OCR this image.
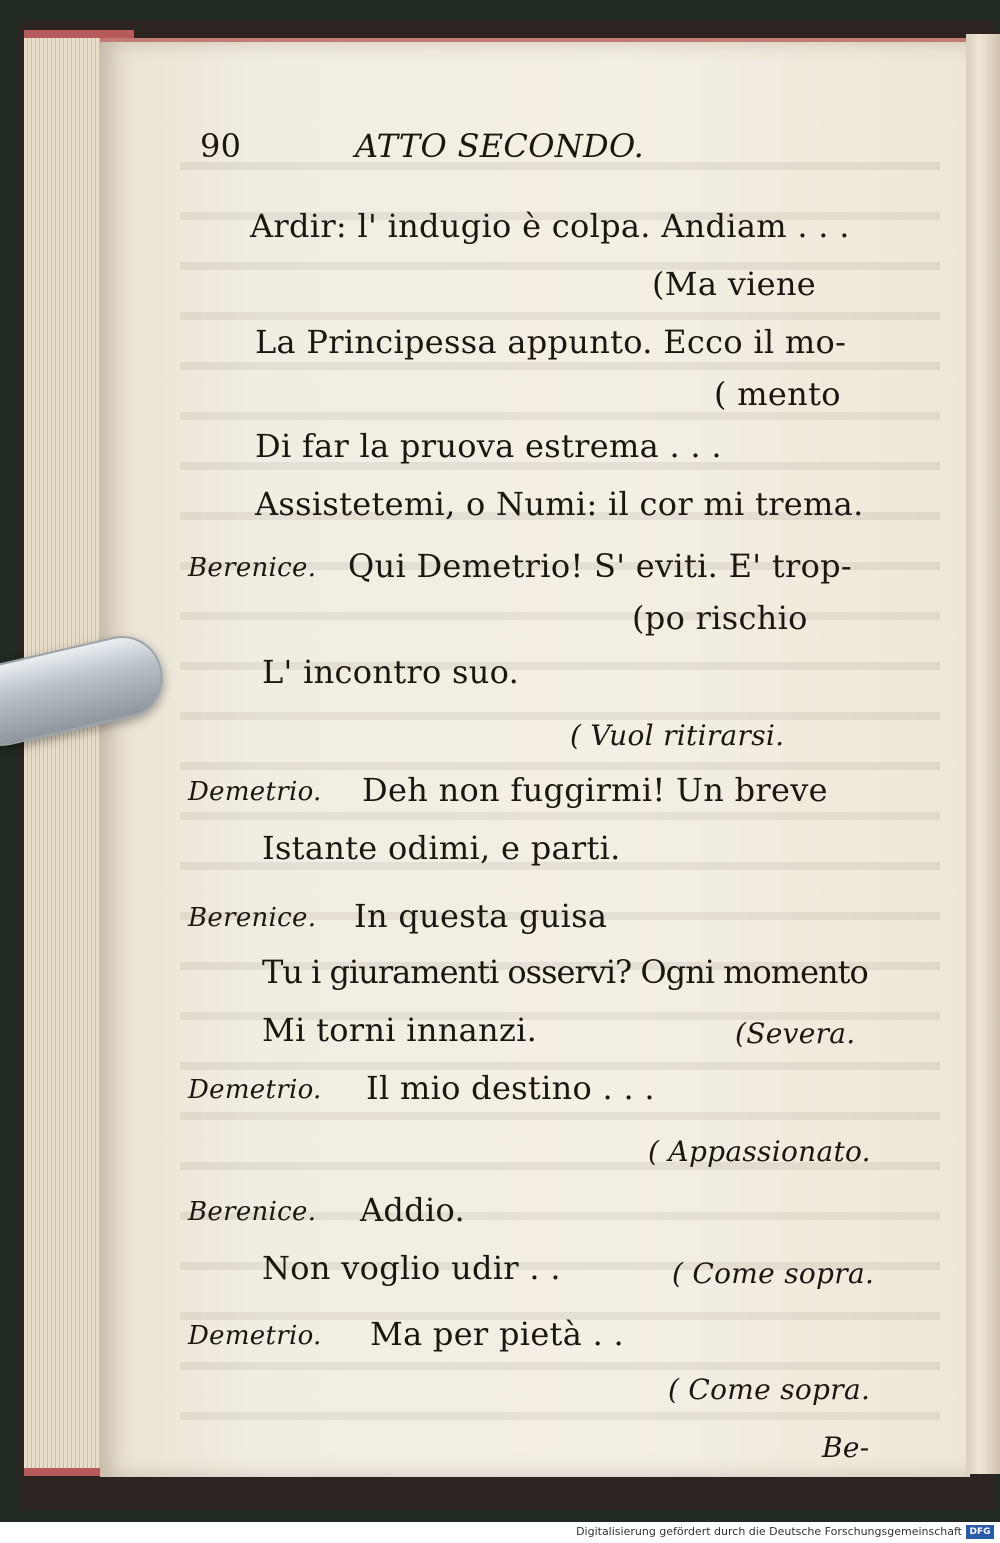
90	ATTO SECONDO.
Ardir: l' indugio è colpa. Andiam . . .
(Ma viene
La Principessa appunto. Ecco il mo-
( mento
Di far la pruova estrema . . .
Assistetemi, o Numi: il cor mi trema.
Berenice. Qui Demetrio! S' eviti. E' trop-
(po rischio
L' incontro suo.
( Vuol ritirarsi.
Demetrio. Deh non fuggirmi! Un breve
Istante odimi, e parti.
Berenice. In questa guisa
Tu i giuramenti osservi? Ogni momento
Mi torni innanzi.	(Severa.
Demetrio. Il mio destino . . .
( Appassionato.
Berenice. Addio.
Non voglio udir . .	( Come sopra.
Demetrio. Ma per pietà . .
( Come sopra.
Be-
Digitalisierung gefördert durch die Deutsche Forschungsgemeinschaft DFG
